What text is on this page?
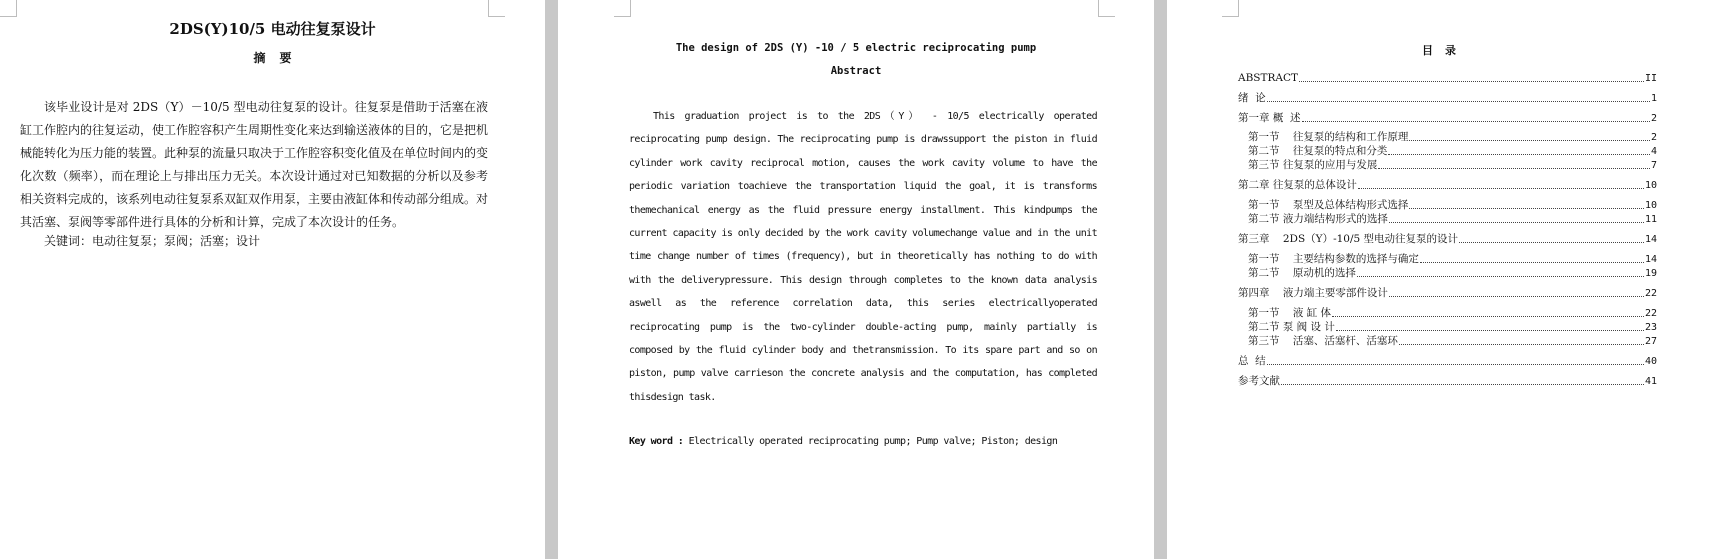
2DS(Y)10/5 电动往复泵设计
摘要

该毕业设计是对 2DS（Y）－10/5 型电动往复泵的设计。往复泵是借助于活塞在液缸工作腔内的往复运动，使工作腔容积产生周期性变化来达到输送液体的目的，它是把机械能转化为压力能的装置。此种泵的流量只取决于工作腔容积变化值及在单位时间内的变化次数（频率），而在理论上与排出压力无关。本次设计通过对已知数据的分析以及参考相关资料完成的，该系列电动往复泵系双缸双作用泵，主要由液缸体和传动部分组成。对其活塞、泵阀等零部件进行具体的分析和计算，完成了本次设计的任务。

关键词：电动往复泵；泵阀；活塞；设计
The design of 2DS (Y) -10 / 5 electric reciprocating pump
Abstract

This graduation project is to the 2DS（Y） - 10/5 electrically operated reciprocating pump design. The reciprocating pump is drawssupport the piston in fluid cylinder work cavity reciprocal motion, causes the work cavity volume to have the periodic variation toachieve the transportation liquid the goal, it is transforms themechanical energy as the fluid pressure energy installment. This kindpumps the current capacity is only decided by the work cavity volumechange value and in the unit time change number of times (frequency), but in theoretically has nothing to do with with the deliverypressure. This design through completes to the known data analysis aswell as the reference correlation data, this series electricallyoperated reciprocating pump is the two-cylinder double-acting pump, mainly partially is composed by the fluid cylinder body and thetransmission. To its spare part and so on piston, pump valve carrieson the concrete analysis and the computation, has completed thisdesign task.

Key word : Electrically operated reciprocating pump; Pump valve; Piston; design
目录
ABSTRACT	II
绪  论	1
第一章 概  述	2
第一节    往复泵的结构和工作原理	2
第二节    往复泵的特点和分类	4
第三节 往复泵的应用与发展	7
第二章 往复泵的总体设计	10
第一节    泵型及总体结构形式选择	10
第二节 液力端结构形式的选择	11
第三章    2DS（Y）-10/5 型电动往复泵的设计	14
第一节    主要结构参数的选择与确定	14
第二节    原动机的选择	19
第四章    液力端主要零部件设计	22
第一节    液 缸 体	22
第二节 泵 阀 设 计	23
第三节    活塞、活塞杆、活塞环	27
总  结	40
参考文献	41
